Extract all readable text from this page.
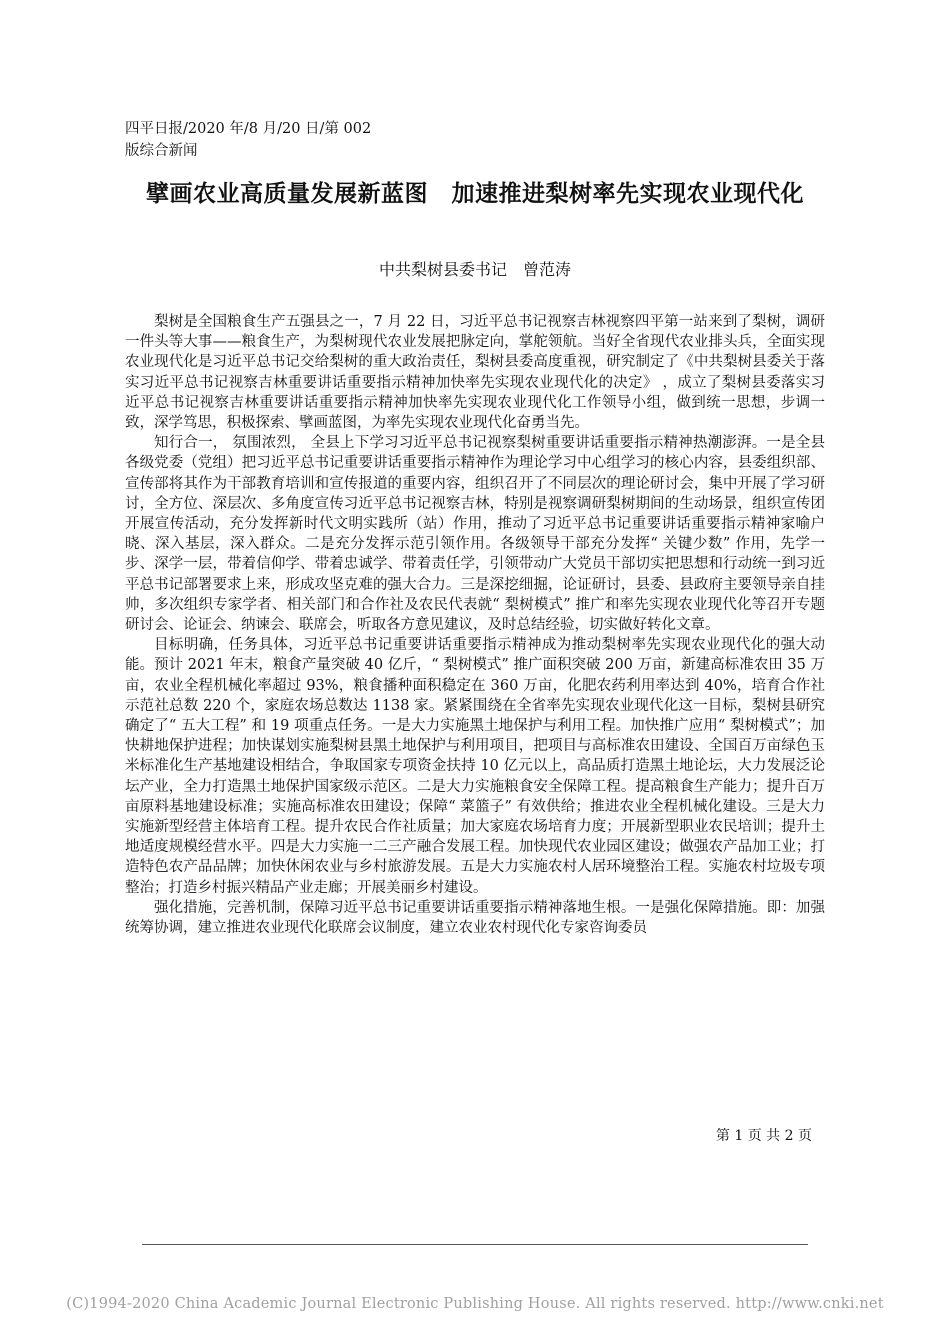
四平日报/2020 年/8 月/20 日/第 002
版综合新闻
擘画农业高质量发展新蓝图　加速推进梨树率先实现农业现代化
中共梨树县委书记　曾范涛

梨树是全国粮食生产五强县之一，7 月 22 日，习近平总书记视察吉林视察四平第一站来到了梨树，调研一件头等大事——粮食生产，为梨树现代农业发展把脉定向，掌舵领航。当好全省现代农业排头兵，全面实现农业现代化是习近平总书记交给梨树的重大政治责任，梨树县委高度重视，研究制定了《中共梨树县委关于落实习近平总书记视察吉林重要讲话重要指示精神加快率先实现农业现代化的决定》 ，成立了梨树县委落实习近平总书记视察吉林重要讲话重要指示精神加快率先实现农业现代化工作领导小组，做到统一思想，步调一致，深学笃思，积极探索、擘画蓝图，为率先实现农业现代化奋勇当先。

知行合一， 氛围浓烈， 全县上下学习习近平总书记视察梨树重要讲话重要指示精神热潮澎湃。一是全县各级党委（党组）把习近平总书记重要讲话重要指示精神作为理论学习中心组学习的核心内容，县委组织部、宣传部将其作为干部教育培训和宣传报道的重要内容，组织召开了不同层次的理论研讨会，集中开展了学习研讨，全方位、深层次、多角度宣传习近平总书记视察吉林，特别是视察调研梨树期间的生动场景，组织宣传团开展宣传活动，充分发挥新时代文明实践所（站）作用，推动了习近平总书记重要讲话重要指示精神家喻户晓、深入基层，深入群众。二是充分发挥示范引领作用。各级领导干部充分发挥“ 关键少数” 作用，先学一步、深学一层，带着信仰学、带着忠诚学、带着责任学，引领带动广大党员干部切实把思想和行动统一到习近平总书记部署要求上来，形成攻坚克难的强大合力。三是深挖细掘，论证研讨，县委、县政府主要领导亲自挂帅，多次组织专家学者、相关部门和合作社及农民代表就“ 梨树模式” 推广和率先实现农业现代化等召开专题研讨会、论证会、纳谏会、联席会，听取各方意见建议，及时总结经验，切实做好转化文章。

目标明确，任务具体，习近平总书记重要讲话重要指示精神成为推动梨树率先实现农业现代化的强大动能。预计 2021 年末，粮食产量突破 40 亿斤，“ 梨树模式” 推广面积突破 200 万亩，新建高标准农田 35 万亩，农业全程机械化率超过 93%，粮食播种面积稳定在 360 万亩，化肥农药利用率达到 40%，培育合作社示范社总数 220 个，家庭农场总数达 1138 家。紧紧围绕在全省率先实现农业现代化这一目标，梨树县研究确定了“ 五大工程” 和 19 项重点任务。一是大力实施黑土地保护与利用工程。加快推广应用“ 梨树模式”；加快耕地保护进程；加快谋划实施梨树县黑土地保护与利用项目，把项目与高标准农田建设、全国百万亩绿色玉米标准化生产基地建设相结合，争取国家专项资金扶持 10 亿元以上，高品质打造黑土地论坛，大力发展泛论坛产业，全力打造黑土地保护国家级示范区。二是大力实施粮食安全保障工程。提高粮食生产能力；提升百万亩原料基地建设标准；实施高标准农田建设；保障“ 菜篮子” 有效供给；推进农业全程机械化建设。三是大力实施新型经营主体培育工程。提升农民合作社质量；加大家庭农场培育力度；开展新型职业农民培训；提升土地适度规模经营水平。四是大力实施一二三产融合发展工程。加快现代农业园区建设；做强农产品加工业；打造特色农产品品牌；加快休闲农业与乡村旅游发展。五是大力实施农村人居环境整治工程。实施农村垃圾专项整治；打造乡村振兴精品产业走廊；开展美丽乡村建设。

强化措施，完善机制，保障习近平总书记重要讲话重要指示精神落地生根。一是强化保障措施。即：加强统筹协调，建立推进农业现代化联席会议制度，建立农业农村现代化专家咨询委员

第 1 页 共 2 页
(C)1994-2020 China Academic Journal Electronic Publishing House. All rights reserved. http://www.cnki.net
